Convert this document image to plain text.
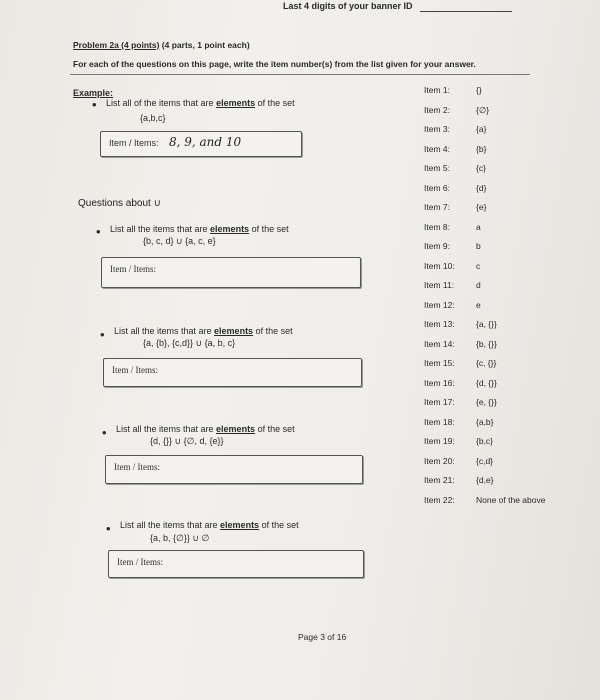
Last 4 digits of your banner ID
Problem 2a (4 points) (4 parts, 1 point each)
For each of the questions on this page, write the item number(s) from the list given for your answer.
Example:
• List all of the items that are elements of the set
{a,b,c}
Item / Items: 8, 9, and 10
Questions about ∪
• List all the items that are elements of the set
{b, c, d} ∪ {a, c, e}
Item / Items:
• List all the items that are elements of the set
{a, {b}, {c,d}} ∪ {a, b, c}
Item / Items:
• List all the items that are elements of the set
{d, {}} ∪ {∅, d, {e}}
Item / Items:
• List all the items that are elements of the set
{a, b, {∅}} ∪ ∅
Item / Items:
Item 1:	{}
Item 2:	{∅}
Item 3:	{a}
Item 4:	{b}
Item 5:	{c}
Item 6:	{d}
Item 7:	{e}
Item 8:	a
Item 9:	b
Item 10:	c
Item 11:	d
Item 12:	e
Item 13:	{a, {}}
Item 14:	{b, {}}
Item 15:	{c, {}}
Item 16:	{d, {}}
Item 17:	{e, {}}
Item 18:	{a,b}
Item 19:	{b,c}
Item 20:	{c,d}
Item 21:	{d,e}
Item 22:	None of the above
Page 3 of 16
